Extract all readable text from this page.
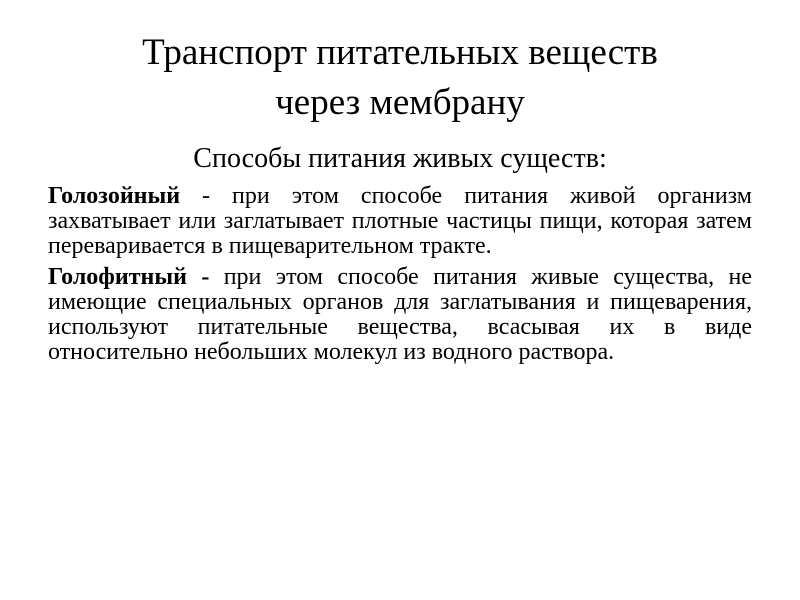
Транспорт питательных веществ
через мембрану

Способы питания живых существ:

Голозойный - при этом способе питания живой организм захватывает или заглатывает плотные частицы пищи, которая затем переваривается в пищеварительном тракте.

Голофитный - при этом способе питания живые существа, не имеющие специальных органов для заглатывания и пищеварения, используют питательные вещества, всасывая их в виде относительно небольших молекул из водного раствора.
